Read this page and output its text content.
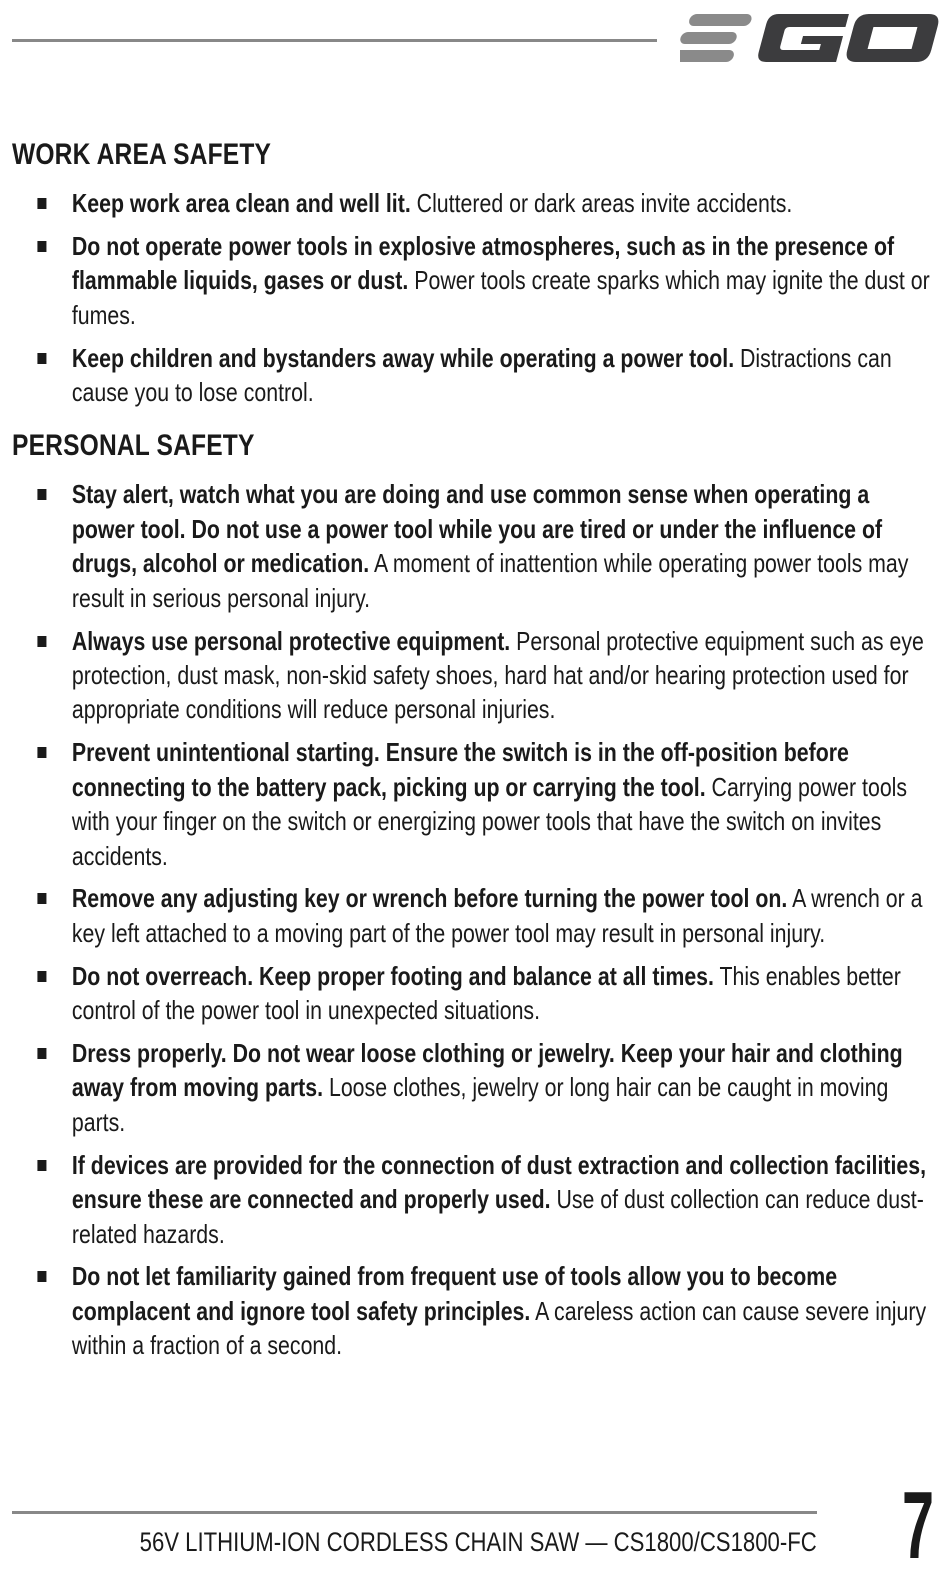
WORK AREA SAFETY
Keep work area clean and well lit. Cluttered or dark areas invite accidents.
Do not operate power tools in explosive atmospheres, such as in the presence of flammable liquids, gases or dust. Power tools create sparks which may ignite the dust or fumes.
Keep children and bystanders away while operating a power tool. Distractions can cause you to lose control.
PERSONAL SAFETY
Stay alert, watch what you are doing and use common sense when operating a power tool. Do not use a power tool while you are tired or under the influence of drugs, alcohol or medication. A moment of inattention while operating power tools may result in serious personal injury.
Always use personal protective equipment. Personal protective equipment such as eye protection, dust mask, non-skid safety shoes, hard hat and/or hearing protection used for appropriate conditions will reduce personal injuries.
Prevent unintentional starting. Ensure the switch is in the off-position before connecting to the battery pack, picking up or carrying the tool. Carrying power tools with your finger on the switch or energizing power tools that have the switch on invites accidents.
Remove any adjusting key or wrench before turning the power tool on. A wrench or a key left attached to a moving part of the power tool may result in personal injury.
Do not overreach. Keep proper footing and balance at all times. This enables better control of the power tool in unexpected situations.
Dress properly. Do not wear loose clothing or jewelry. Keep your hair and clothing away from moving parts. Loose clothes, jewelry or long hair can be caught in moving parts.
If devices are provided for the connection of dust extraction and collection facilities, ensure these are connected and properly used. Use of dust collection can reduce dust-related hazards.
Do not let familiarity gained from frequent use of tools allow you to become complacent and ignore tool safety principles. A careless action can cause severe injury within a fraction of a second.
56V LITHIUM-ION CORDLESS CHAIN SAW — CS1800/CS1800-FC 7
